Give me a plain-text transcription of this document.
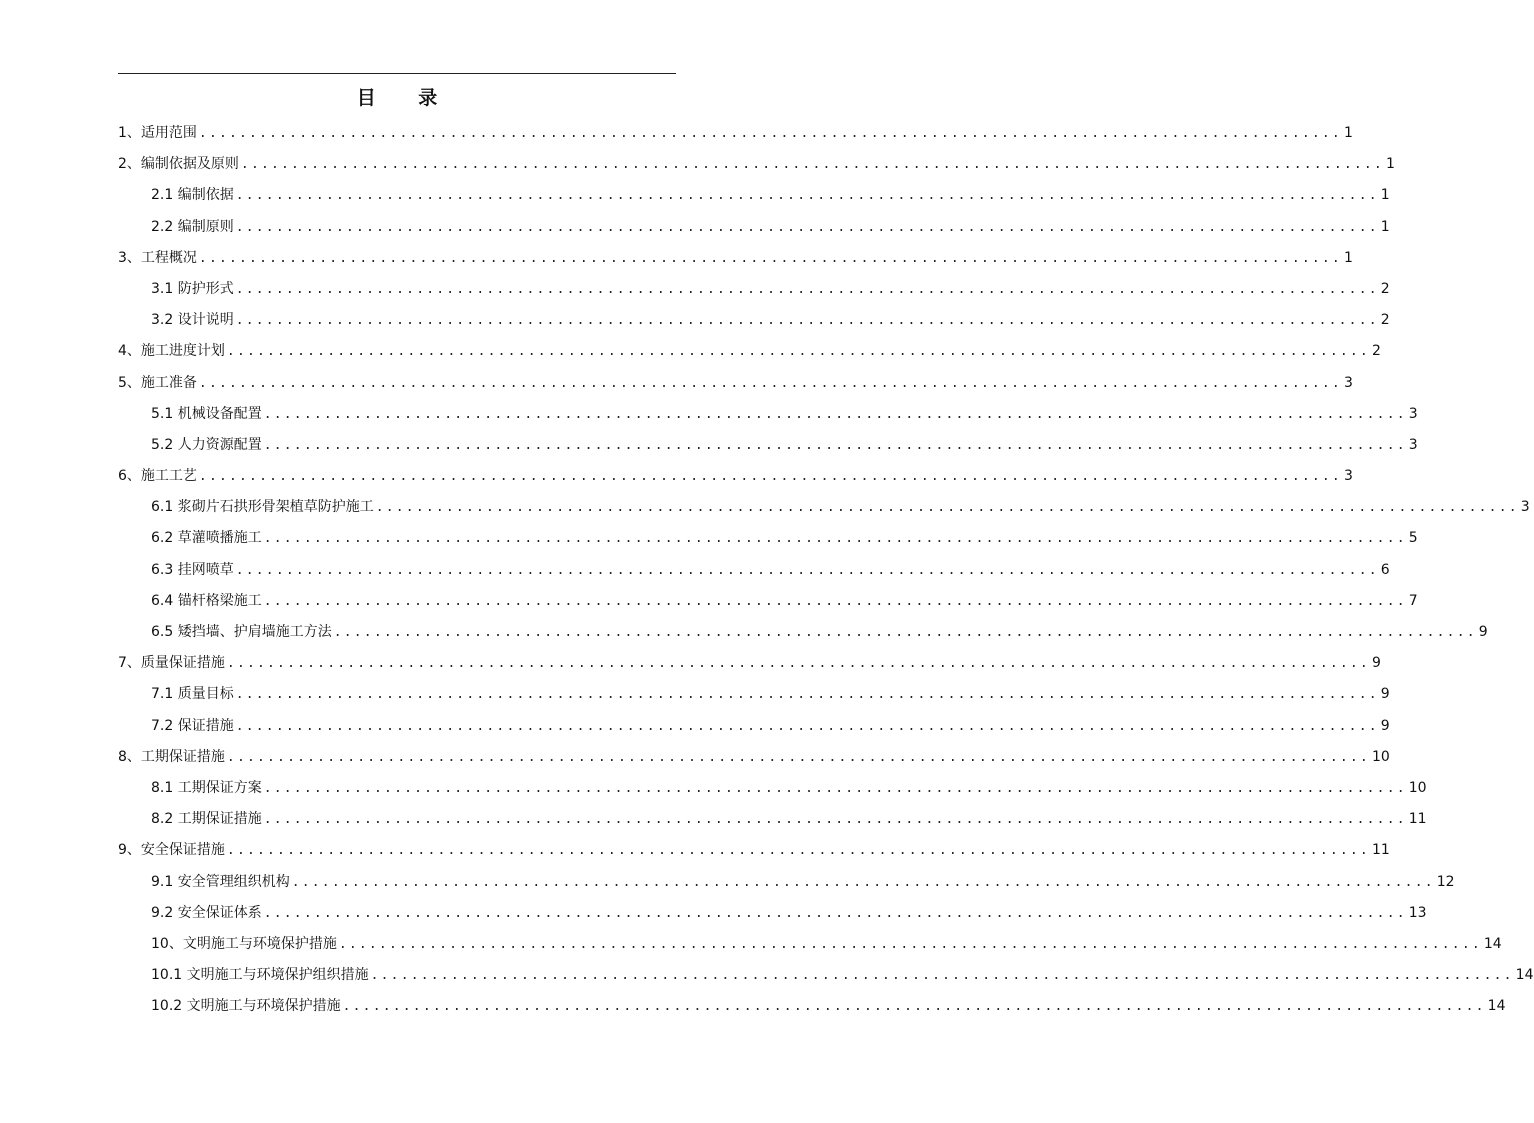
目 录
1、适用范围 .................................................................................................................. 1
2、编制依据及原则 .................................................................................................................. 1
2.1 编制依据 .................................................................................................................. 1
2.2 编制原则 .................................................................................................................. 1
3、工程概况 .................................................................................................................. 1
3.1 防护形式 .................................................................................................................. 2
3.2 设计说明 .................................................................................................................. 2
4、施工进度计划 .................................................................................................................. 2
5、施工准备 .................................................................................................................. 3
5.1 机械设备配置 .................................................................................................................. 3
5.2 人力资源配置 .................................................................................................................. 3
6、施工工艺 .................................................................................................................. 3
6.1 浆砌片石拱形骨架植草防护施工 .................................................................................................................. 3
6.2 草灌喷播施工 .................................................................................................................. 5
6.3 挂网喷草 .................................................................................................................. 6
6.4 锚杆格梁施工 .................................................................................................................. 7
6.5 矮挡墙、护肩墙施工方法 .................................................................................................................. 9
7、质量保证措施 .................................................................................................................. 9
7.1 质量目标 .................................................................................................................. 9
7.2 保证措施 .................................................................................................................. 9
8、工期保证措施 .................................................................................................................. 10
8.1 工期保证方案 .................................................................................................................. 10
8.2 工期保证措施 .................................................................................................................. 11
9、安全保证措施 .................................................................................................................. 11
9.1 安全管理组织机构 .................................................................................................................. 12
9.2 安全保证体系 .................................................................................................................. 13
10、文明施工与环境保护措施 .................................................................................................................. 14
10.1 文明施工与环境保护组织措施 .................................................................................................................. 14
10.2 文明施工与环境保护措施 .................................................................................................................. 14
